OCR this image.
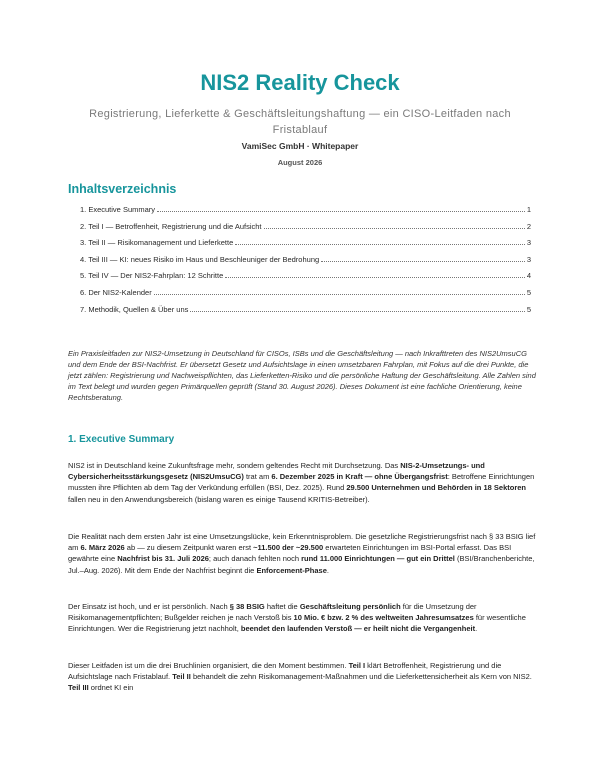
NIS2 Reality Check
Registrierung, Lieferkette & Geschäftsleitungshaftung — ein CISO-Leitfaden nach Fristablauf
VamiSec GmbH · Whitepaper
August 2026
Inhaltsverzeichnis
1. Executive Summary	1
2. Teil I — Betroffenheit, Registrierung und die Aufsicht	2
3. Teil II — Risikomanagement und Lieferkette	3
4. Teil III — KI: neues Risiko im Haus und Beschleuniger der Bedrohung	3
5. Teil IV — Der NIS2-Fahrplan: 12 Schritte	4
6. Der NIS2-Kalender	5
7. Methodik, Quellen & Über uns	5

Ein Praxisleitfaden zur NIS2-Umsetzung in Deutschland für CISOs, ISBs und die Geschäftsleitung — nach Inkrafttreten des NIS2UmsuCG und dem Ende der BSI-Nachfrist. Er übersetzt Gesetz und Aufsichtslage in einen umsetzbaren Fahrplan, mit Fokus auf die drei Punkte, die jetzt zählen: Registrierung und Nachweispflichten, das Lieferketten-Risiko und die persönliche Haftung der Geschäftsleitung. Alle Zahlen sind im Text belegt und wurden gegen Primärquellen geprüft (Stand 30. August 2026). Dieses Dokument ist eine fachliche Orientierung, keine Rechtsberatung.

1. Executive Summary

NIS2 ist in Deutschland keine Zukunftsfrage mehr, sondern geltendes Recht mit Durchsetzung. Das NIS-2-Umsetzungs- und Cybersicherheitsstärkungsgesetz (NIS2UmsuCG) trat am 6. Dezember 2025 in Kraft — ohne Übergangsfrist: Betroffene Einrichtungen mussten ihre Pflichten ab dem Tag der Verkündung erfüllen (BSI, Dez. 2025). Rund 29.500 Unternehmen und Behörden in 18 Sektoren fallen neu in den Anwendungsbereich (bislang waren es einige Tausend KRITIS-Betreiber).

Die Realität nach dem ersten Jahr ist eine Umsetzungslücke, kein Erkenntnisproblem. Die gesetzliche Registrierungsfrist nach § 33 BSIG lief am 6. März 2026 ab — zu diesem Zeitpunkt waren erst ~11.500 der ~29.500 erwarteten Einrichtungen im BSI-Portal erfasst. Das BSI gewährte eine Nachfrist bis 31. Juli 2026; auch danach fehlten noch rund 11.000 Einrichtungen — gut ein Drittel (BSI/Branchenberichte, Jul.–Aug. 2026). Mit dem Ende der Nachfrist beginnt die Enforcement-Phase.

Der Einsatz ist hoch, und er ist persönlich. Nach § 38 BSIG haftet die Geschäftsleitung persönlich für die Umsetzung der Risikomanagementpflichten; Bußgelder reichen je nach Verstoß bis 10 Mio. € bzw. 2 % des weltweiten Jahresumsatzes für wesentliche Einrichtungen. Wer die Registrierung jetzt nachholt, beendet den laufenden Verstoß — er heilt nicht die Vergangenheit.

Dieser Leitfaden ist um die drei Bruchlinien organisiert, die den Moment bestimmen. Teil I klärt Betroffenheit, Registrierung und die Aufsichtslage nach Fristablauf. Teil II behandelt die zehn Risikomanagement-Maßnahmen und die Lieferkettensicherheit als Kern von NIS2. Teil III ordnet KI ein
